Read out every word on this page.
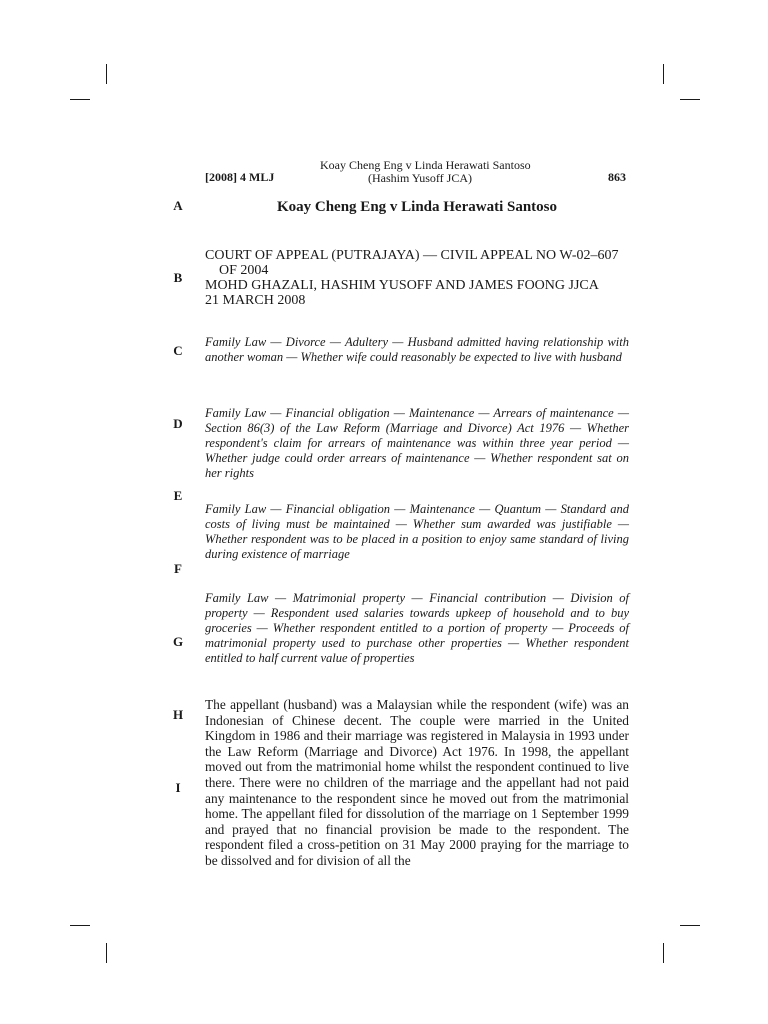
[2008] 4 MLJ
Koay Cheng Eng v Linda Herawati Santoso
(Hashim Yusoff JCA)	863
A
B
C
D
E
F
G
H
I
Koay Cheng Eng v Linda Herawati Santoso
COURT OF APPEAL (PUTRAJAYA) — CIVIL APPEAL NO W-02–607
OF 2004
MOHD GHAZALI, HASHIM YUSOFF AND JAMES FOONG JJCA
21 MARCH 2008
Family Law — Divorce — Adultery — Husband admitted having relationship with another woman — Whether wife could reasonably be expected to live with husband
Family Law — Financial obligation — Maintenance — Arrears of maintenance — Section 86(3) of the Law Reform (Marriage and Divorce) Act 1976 — Whether respondent's claim for arrears of maintenance was within three year period — Whether judge could order arrears of maintenance — Whether respondent sat on her rights
Family Law — Financial obligation — Maintenance — Quantum — Standard and costs of living must be maintained — Whether sum awarded was justifiable — Whether respondent was to be placed in a position to enjoy same standard of living during existence of marriage
Family Law — Matrimonial property — Financial contribution — Division of property — Respondent used salaries towards upkeep of household and to buy groceries — Whether respondent entitled to a portion of property — Proceeds of matrimonial property used to purchase other properties — Whether respondent entitled to half current value of properties
The appellant (husband) was a Malaysian while the respondent (wife) was an Indonesian of Chinese decent. The couple were married in the United Kingdom in 1986 and their marriage was registered in Malaysia in 1993 under the Law Reform (Marriage and Divorce) Act 1976. In 1998, the appellant moved out from the matrimonial home whilst the respondent continued to live there. There were no children of the marriage and the appellant had not paid any maintenance to the respondent since he moved out from the matrimonial home. The appellant filed for dissolution of the marriage on 1 September 1999 and prayed that no financial provision be made to the respondent. The respondent filed a cross-petition on 31 May 2000 praying for the marriage to be dissolved and for division of all the
